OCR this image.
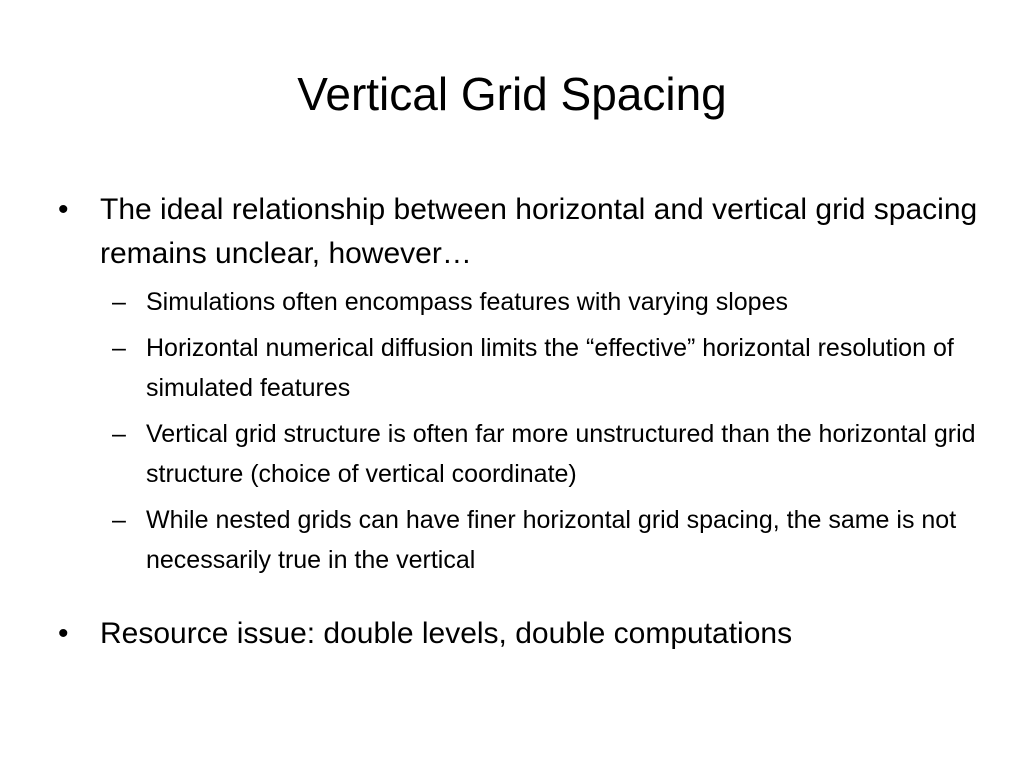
Vertical Grid Spacing
• The ideal relationship between horizontal and vertical grid spacing remains unclear, however…
– Simulations often encompass features with varying slopes
– Horizontal numerical diffusion limits the “effective” horizontal resolution of simulated features
– Vertical grid structure is often far more unstructured than the horizontal grid structure (choice of vertical coordinate)
– While nested grids can have finer horizontal grid spacing, the same is not necessarily true in the vertical
• Resource issue: double levels, double computations
